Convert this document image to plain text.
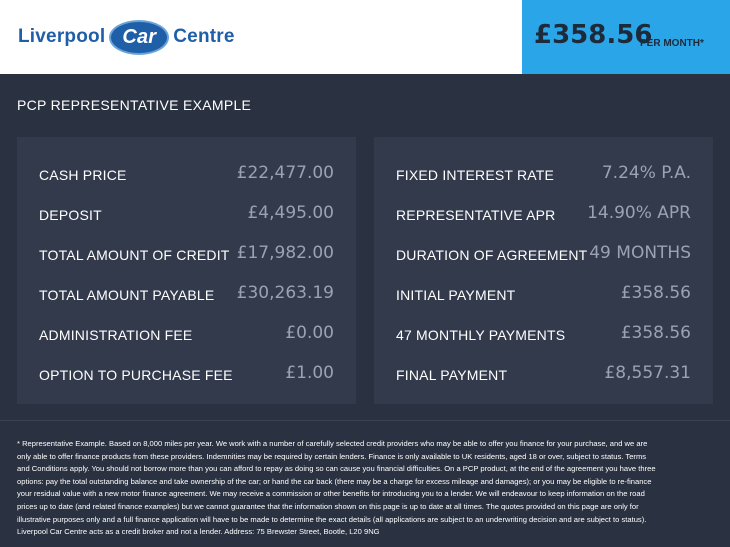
Liverpool Car Centre	£358.56
PER MONTH*
PCP REPRESENTATIVE EXAMPLE
CASH PRICE	£22,477.00
DEPOSIT	£4,495.00
TOTAL AMOUNT OF CREDIT £17,982.00
TOTAL AMOUNT PAYABLE £30,263.19
ADMINISTRATION FEE	£0.00
OPTION TO PURCHASE FEE	£1.00
FIXED INTEREST RATE	7.24% P.A.
REPRESENTATIVE APR 14.90% APR
DURATION OF AGREEMENT 49 MONTHS
INITIAL PAYMENT	£358.56
47 MONTHLY PAYMENTS	£358.56
FINAL PAYMENT	£8,557.31
* Representative Example. Based on 8,000 miles per year. We work with a number of carefully selected credit providers who may be able to offer you finance for your purchase, and we are only able to offer finance products from these providers. Indemnities may be required by certain lenders. Finance is only available to UK residents, aged 18 or over, subject to status. Terms and Conditions apply. You should not borrow more than you can afford to repay as doing so can cause you financial difficulties. On a PCP product, at the end of the agreement you have three options: pay the total outstanding balance and take ownership of the car; or hand the car back (there may be a charge for excess mileage and damages); or you may be eligible to re-finance your residual value with a new motor finance agreement. We may receive a commission or other benefits for introducing you to a lender. We will endeavour to keep information on the road prices up to date (and related finance examples) but we cannot guarantee that the information shown on this page is up to date at all times. The quotes provided on this page are only for illustrative purposes only and a full finance application will have to be made to determine the exact details (all applications are subject to an underwriting decision and are subject to status). Liverpool Car Centre acts as a credit broker and not a lender. Address: 75 Brewster Street, Bootle, L20 9NG
